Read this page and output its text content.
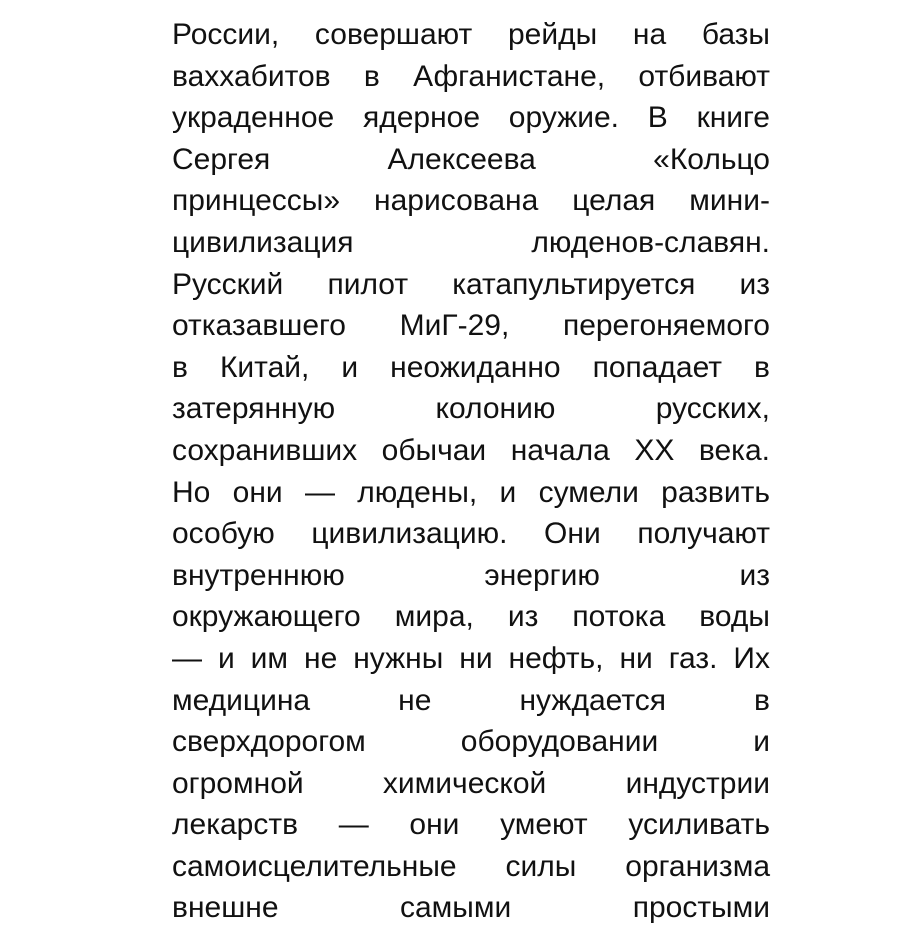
России, совершают рейды на базы
ваххабитов в Афганистане, отбивают
украденное ядерное оружие. В книге
Сергея Алексеева «Кольцо
принцессы» нарисована целая мини-
цивилизация люденов-славян.
Русский пилот катапультируется из
отказавшего МиГ-29, перегоняемого
в Китай, и неожиданно попадает в
затерянную колонию русских,
сохранивших обычаи начала XX века.
Но они — людены, и сумели развить
особую цивилизацию. Они получают
внутреннюю энергию из
окружающего мира, из потока воды
— и им не нужны ни нефть, ни газ. Их
медицина не нуждается в
сверхдорогом оборудовании и
огромной химической индустрии
лекарств — они умеют усиливать
самоисцелительные силы организма
внешне самыми простыми
